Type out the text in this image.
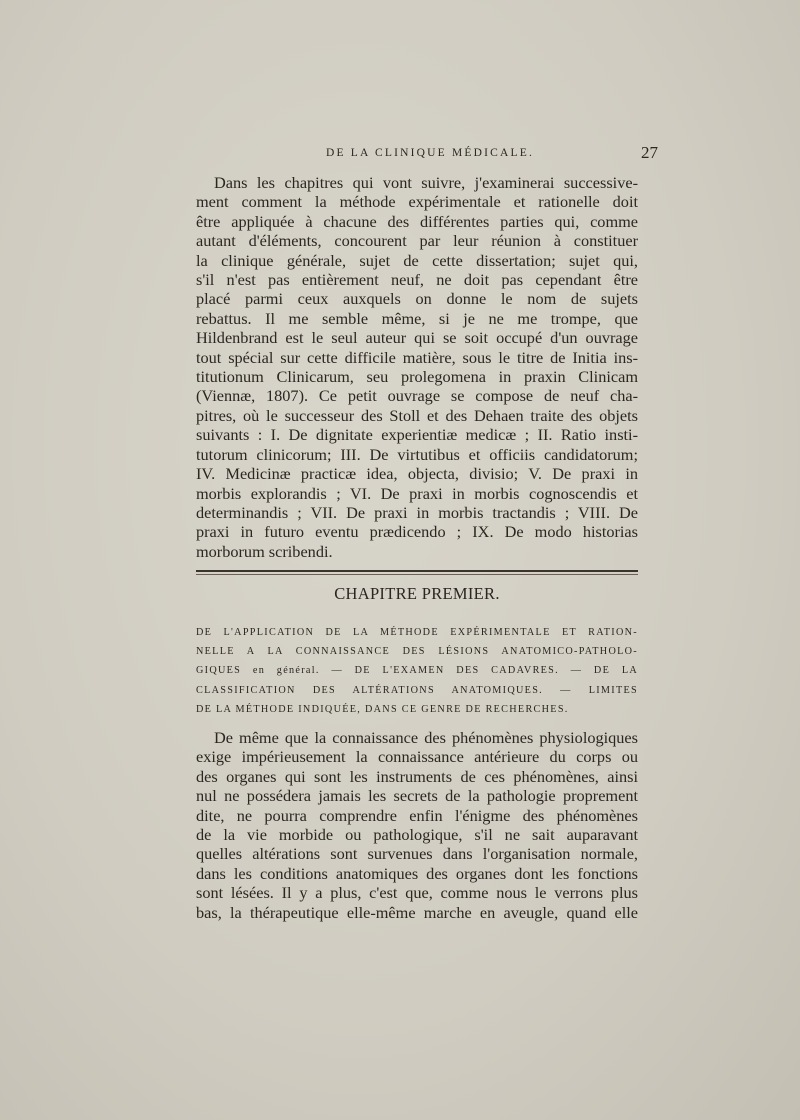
DE LA CLINIQUE MÉDICALE.	27
Dans les chapitres qui vont suivre, j'examinerai successive-
ment comment la méthode expérimentale et rationelle doit
être appliquée à chacune des différentes parties qui, comme
autant d'éléments, concourent par leur réunion à constituer
la clinique générale, sujet de cette dissertation; sujet qui,
s'il n'est pas entièrement neuf, ne doit pas cependant être
placé parmi ceux auxquels on donne le nom de sujets
rebattus. Il me semble même, si je ne me trompe, que
Hildenbrand est le seul auteur qui se soit occupé d'un ouvrage
tout spécial sur cette difficile matière, sous le titre de Initia ins-
titutionum Clinicarum, seu prolegomena in praxin Clinicam
(Viennæ, 1807). Ce petit ouvrage se compose de neuf cha-
pitres, où le successeur des Stoll et des Dehaen traite des objets
suivants : I. De dignitate experientiæ medicæ ; II. Ratio insti-
tutorum clinicorum; III. De virtutibus et officiis candidatorum;
IV. Medicinæ practicæ idea, objecta, divisio; V. De praxi in
morbis explorandis ; VI. De praxi in morbis cognoscendis et
determinandis ; VII. De praxi in morbis tractandis ; VIII. De
praxi in futuro eventu prædicendo ; IX. De modo historias
morborum scribendi.
CHAPITRE PREMIER.
DE L'APPLICATION DE LA MÉTHODE EXPÉRIMENTALE ET RATION-
NELLE A LA CONNAISSANCE DES LÉSIONS ANATOMICO-PATHOLO-
GIQUES en général. — DE L'EXAMEN DES CADAVRES. — DE LA
CLASSIFICATION DES ALTÉRATIONS ANATOMIQUES. — LIMITES
DE LA MÉTHODE INDIQUÉE, DANS CE GENRE DE RECHERCHES.
De même que la connaissance des phénomènes physiologiques
exige impérieusement la connaissance antérieure du corps ou
des organes qui sont les instruments de ces phénomènes, ainsi
nul ne possédera jamais les secrets de la pathologie proprement
dite, ne pourra comprendre enfin l'énigme des phénomènes
de la vie morbide ou pathologique, s'il ne sait auparavant
quelles altérations sont survenues dans l'organisation normale,
dans les conditions anatomiques des organes dont les fonctions
sont lésées. Il y a plus, c'est que, comme nous le verrons plus
bas, la thérapeutique elle-même marche en aveugle, quand elle
